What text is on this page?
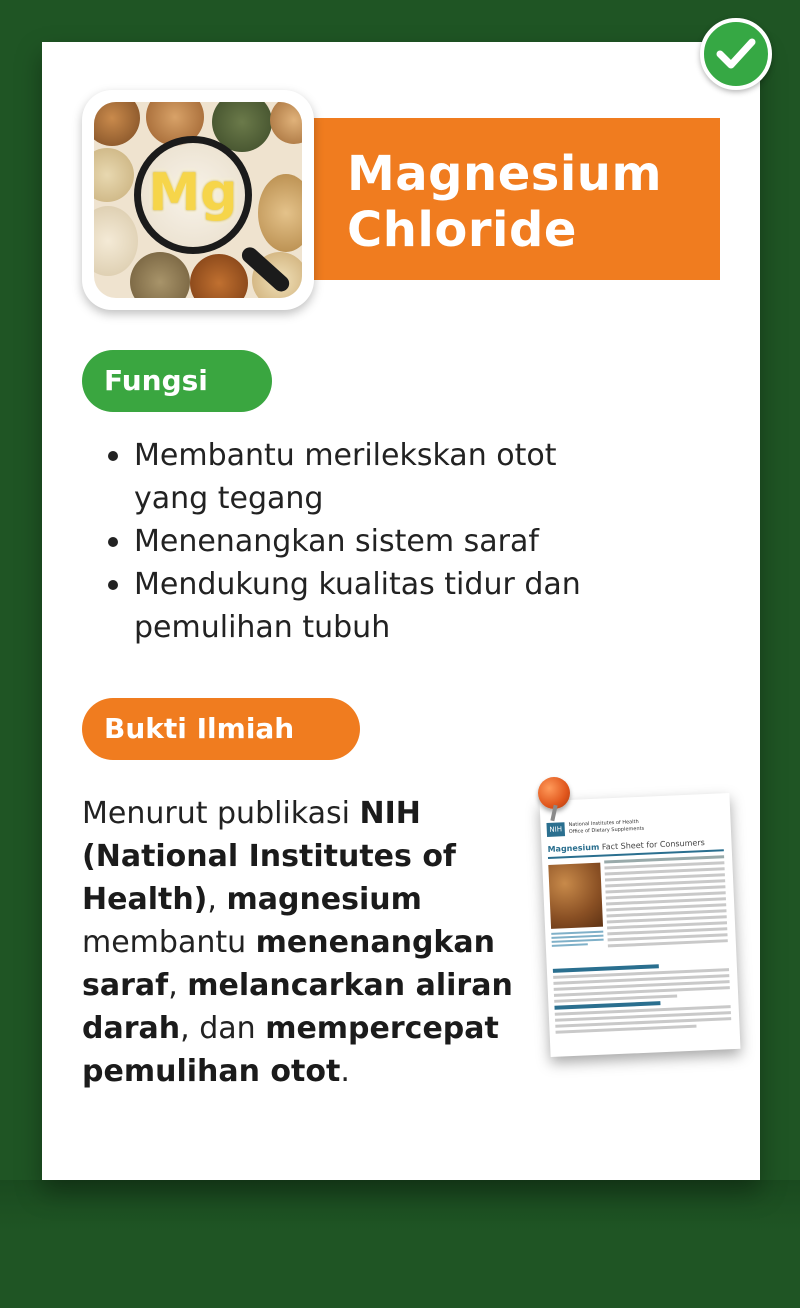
Magnesium
Chloride
Mg
Fungsi
Membantu merilekskan otot yang tegang
Menenangkan sistem saraf
Mendukung kualitas tidur dan pemulihan tubuh
Bukti Ilmiah
Menurut publikasi NIH (National Institutes of Health), magnesium membantu menenangkan saraf, melancarkan aliran darah, dan mempercepat pemulihan otot.
NIH
National Institutes of Health
Office of Dietary Supplements
Magnesium Fact Sheet for Consumers
